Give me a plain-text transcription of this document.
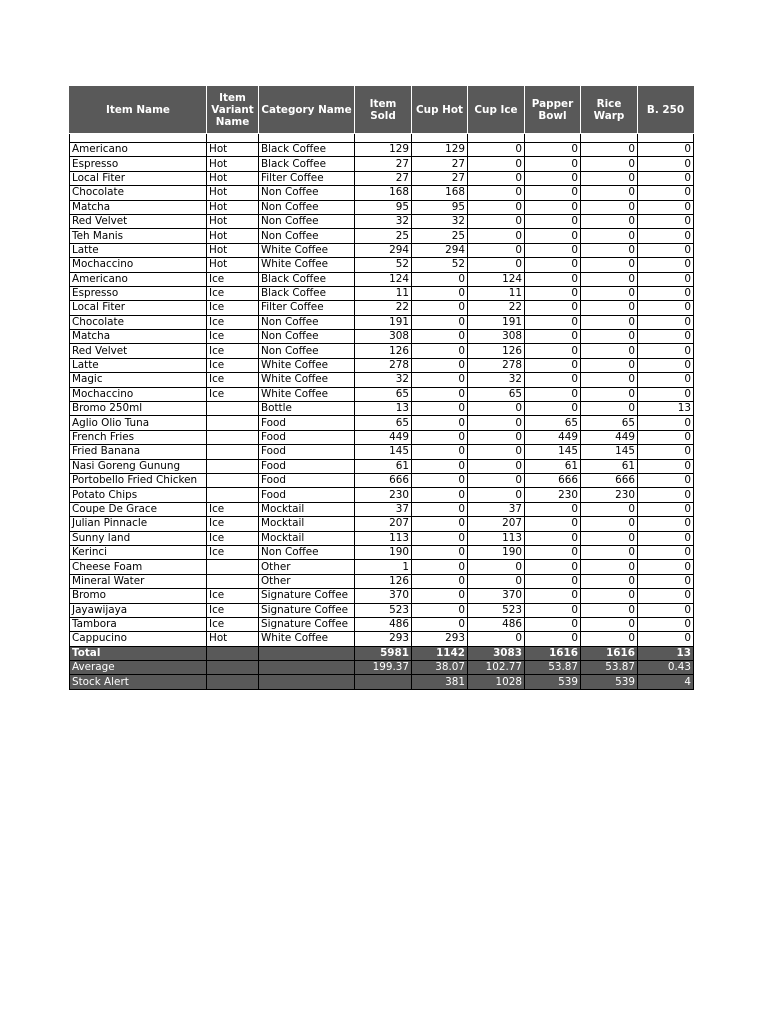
Item Name	Item Variant Name	Category Name	Item Sold	Cup Hot	Cup Ice	Papper Bowl	Rice Warp	B. 250

Americano	Hot	Black Coffee	129	129	0	0	0	0
Espresso	Hot	Black Coffee	27	27	0	0	0	0
Local Fiter	Hot	Filter Coffee	27	27	0	0	0	0
Chocolate	Hot	Non Coffee	168	168	0	0	0	0
Matcha	Hot	Non Coffee	95	95	0	0	0	0
Red Velvet	Hot	Non Coffee	32	32	0	0	0	0
Teh Manis	Hot	Non Coffee	25	25	0	0	0	0
Latte	Hot	White Coffee	294	294	0	0	0	0
Mochaccino	Hot	White Coffee	52	52	0	0	0	0
Americano	Ice	Black Coffee	124	0	124	0	0	0
Espresso	Ice	Black Coffee	11	0	11	0	0	0
Local Fiter	Ice	Filter Coffee	22	0	22	0	0	0
Chocolate	Ice	Non Coffee	191	0	191	0	0	0
Matcha	Ice	Non Coffee	308	0	308	0	0	0
Red Velvet	Ice	Non Coffee	126	0	126	0	0	0
Latte	Ice	White Coffee	278	0	278	0	0	0
Magic	Ice	White Coffee	32	0	32	0	0	0
Mochaccino	Ice	White Coffee	65	0	65	0	0	0
Bromo 250ml		Bottle	13	0	0	0	0	13
Aglio Olio Tuna		Food	65	0	0	65	65	0
French Fries		Food	449	0	0	449	449	0
Fried Banana		Food	145	0	0	145	145	0
Nasi Goreng Gunung		Food	61	0	0	61	61	0
Portobello Fried Chicken		Food	666	0	0	666	666	0
Potato Chips		Food	230	0	0	230	230	0
Coupe De Grace	Ice	Mocktail	37	0	37	0	0	0
Julian Pinnacle	Ice	Mocktail	207	0	207	0	0	0
Sunny land	Ice	Mocktail	113	0	113	0	0	0
Kerinci	Ice	Non Coffee	190	0	190	0	0	0
Cheese Foam		Other	1	0	0	0	0	0
Mineral Water		Other	126	0	0	0	0	0
Bromo	Ice	Signature Coffee	370	0	370	0	0	0
Jayawijaya	Ice	Signature Coffee	523	0	523	0	0	0
Tambora	Ice	Signature Coffee	486	0	486	0	0	0
Cappucino	Hot	White Coffee	293	293	0	0	0	0
Total			5981	1142	3083	1616	1616	13
Average			199.37	38.07	102.77	53.87	53.87	0.43
Stock Alert				381	1028	539	539	4
